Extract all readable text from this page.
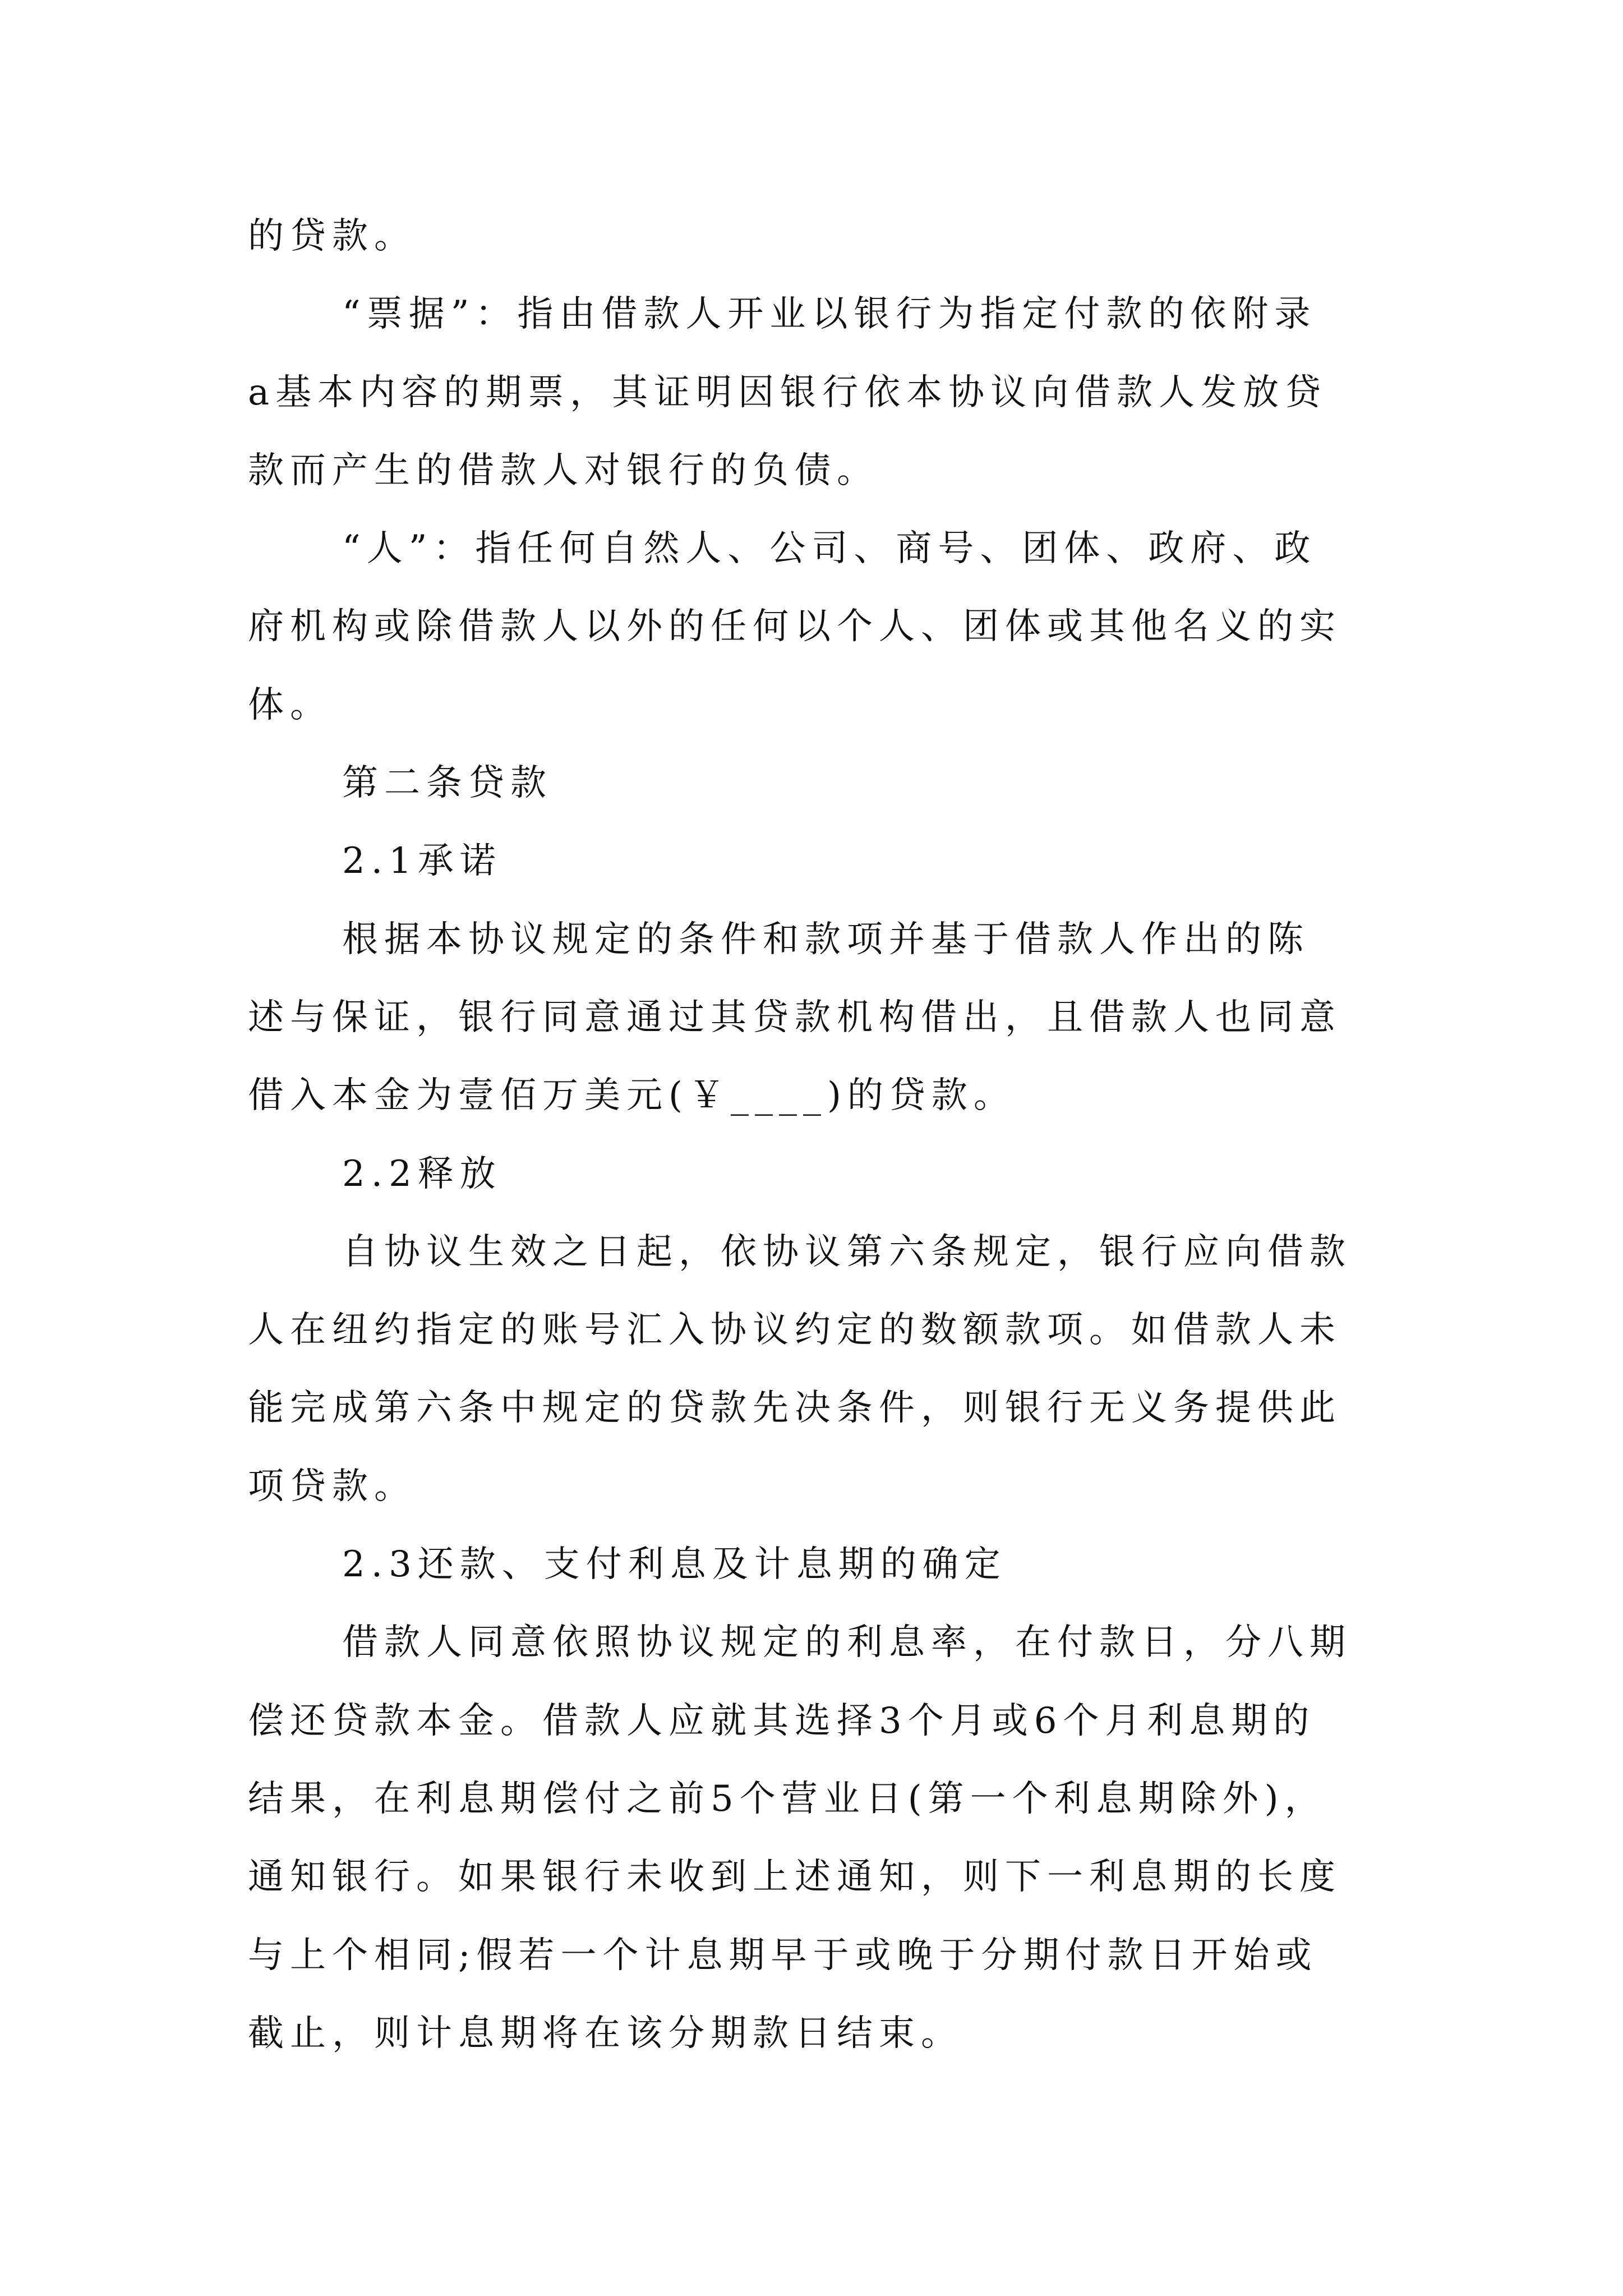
的贷款。
“票据”：指由借款人开业以银行为指定付款的依附录
a基本内容的期票，其证明因银行依本协议向借款人发放贷
款而产生的借款人对银行的负债。
“人”：指任何自然人、公司、商号、团体、政府、政
府机构或除借款人以外的任何以个人、团体或其他名义的实
体。
第二条贷款
2.1承诺
根据本协议规定的条件和款项并基于借款人作出的陈
述与保证，银行同意通过其贷款机构借出，且借款人也同意
借入本金为壹佰万美元(￥____)的贷款。
2.2释放
自协议生效之日起，依协议第六条规定，银行应向借款
人在纽约指定的账号汇入协议约定的数额款项。如借款人未
能完成第六条中规定的贷款先决条件，则银行无义务提供此
项贷款。
2.3还款、支付利息及计息期的确定
借款人同意依照协议规定的利息率，在付款日，分八期
偿还贷款本金。借款人应就其选择3个月或6个月利息期的
结果，在利息期偿付之前5个营业日(第一个利息期除外)，
通知银行。如果银行未收到上述通知，则下一利息期的长度
与上个相同;假若一个计息期早于或晚于分期付款日开始或
截止，则计息期将在该分期款日结束。
